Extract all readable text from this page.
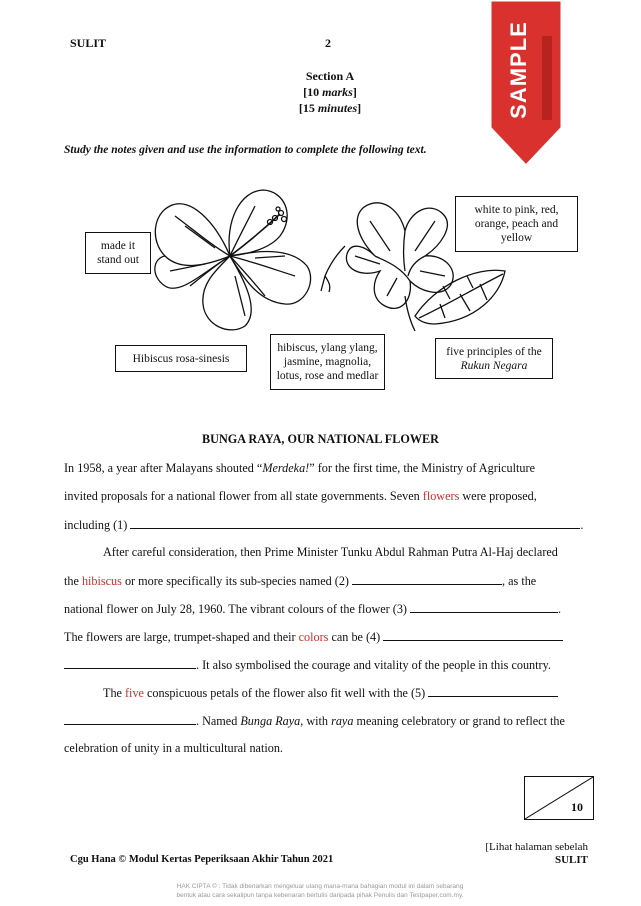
SULIT	2
Section A
[10 marks]
[15 minutes]	SAMPLE
Study the notes given and use the information to complete the following text.
made it stand out
white to pink, red, orange, peach and yellow
Hibiscus rosa-sinesis
hibiscus, ylang ylang, jasmine, magnolia, lotus, rose and medlar
five principles of the Rukun Negara
BUNGA RAYA, OUR NATIONAL FLOWER
In 1958, a year after Malayans shouted “Merdeka!” for the first time, the Ministry of Agriculture
invited proposals for a national flower from all state governments. Seven flowers were proposed,
including (1)	.
After careful consideration, then Prime Minister Tunku Abdul Rahman Putra Al-Haj declared
the hibiscus or more specifically its sub-species named (2)	, as the
national flower on July 28, 1960. The vibrant colours of the flower (3)	.
The flowers are large, trumpet-shaped and their colors can be (4)
. It also symbolised the courage and vitality of the people in this country.
The five conspicuous petals of the flower also fit well with the (5)
. Named Bunga Raya, with raya meaning celebratory or grand to reflect the
celebration of unity in a multicultural nation.
10
Cgu Hana © Modul Kertas Peperiksaan Akhir Tahun 2021
[Lihat halaman sebelah
SULIT
HAK CIPTA © : Tidak dibenarkan mengeluar ulang mana-mana bahagian modul ini dalam sebarang
bentuk atau cara sekalipun tanpa kebenaran bertulis daripada pihak Penulis dan Testpaper.com.my.
